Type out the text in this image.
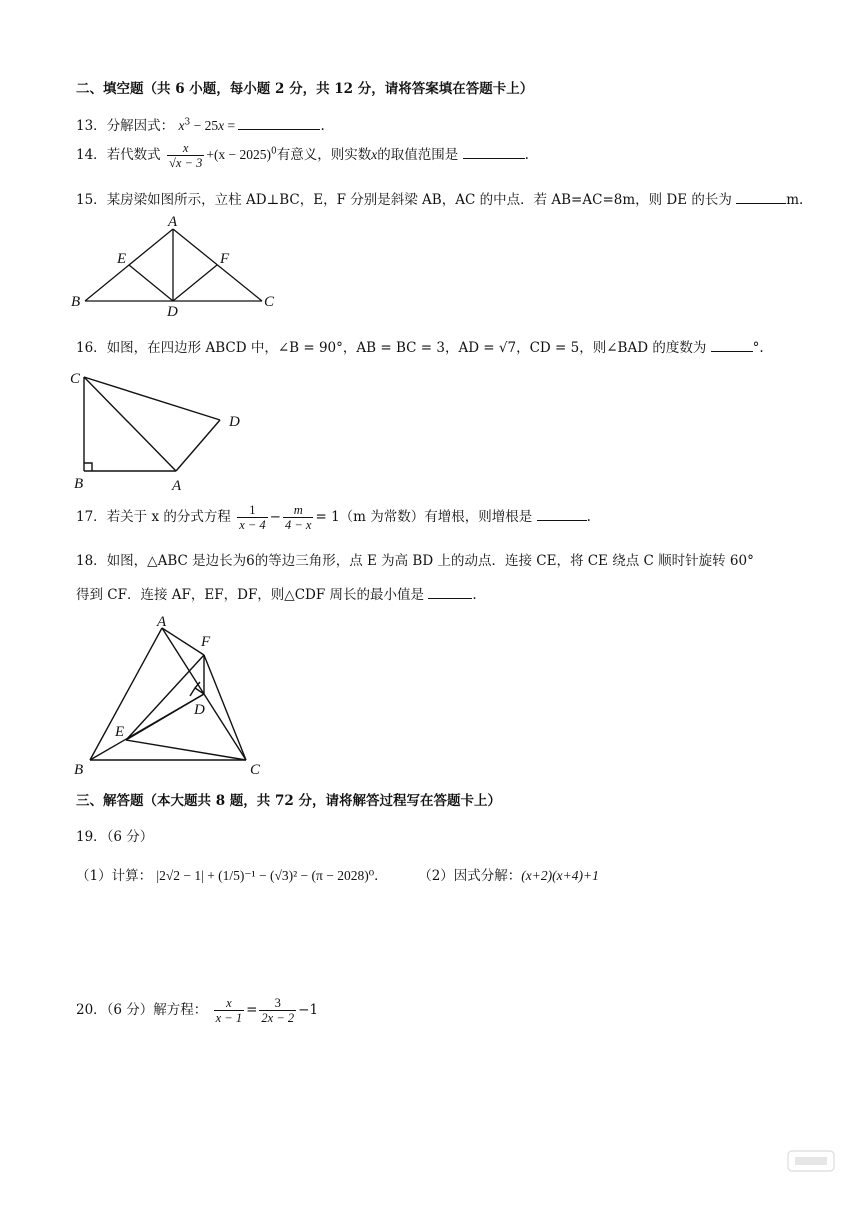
二、填空题（共 6 小题，每小题 2 分，共 12 分，请将答案填在答题卡上）
13．分解因式： $x^3 - 25x$ =	.
14．若代数式 $\frac{x}{√x - 3} +(x - 2025)^0$有意义，则实数x的取值范围是	.
15．某房梁如图所示，立柱 AD⊥BC，E，F 分别是斜梁 AB，AC 的中点．若 AB=AC=8m，则 DE 的长为	m.
A
E	F
B
D
C
16．如图，在四边形 ABCD 中，∠B = 90°，AB = BC = 3，AD = √7，CD = 5，则∠BAD 的度数为	°.
C
D
B	A
17．若关于 x 的分式方程 $\frac{1}{x - 4} - \frac{m}{4 - x} = 1(m$ 为常数）有增根，则增根是	.
18．如图，△ABC 是边长为6的等边三角形，点 E 为高 BD 上的动点．连接 CE，将 CE 绕点 C 顺时针旋转 60°
得到 CF．连接 AF，EF，DF，则△CDF 周长的最小值是	.
A
F
D
E
B	C
三、解答题（本大题共 8 题，共 72 分，请将解答过程写在答题卡上）
19．（6 分）
（1）计算： |2√2 − 1| + (1/5)⁻¹ − (√3)² − (π − 2028)⁰． （2）因式分解：(x+2)(x+4)+1
20．（6 分）解方程： $\frac{x}{x - 1} = \frac{3}{2x - 2} -1$
